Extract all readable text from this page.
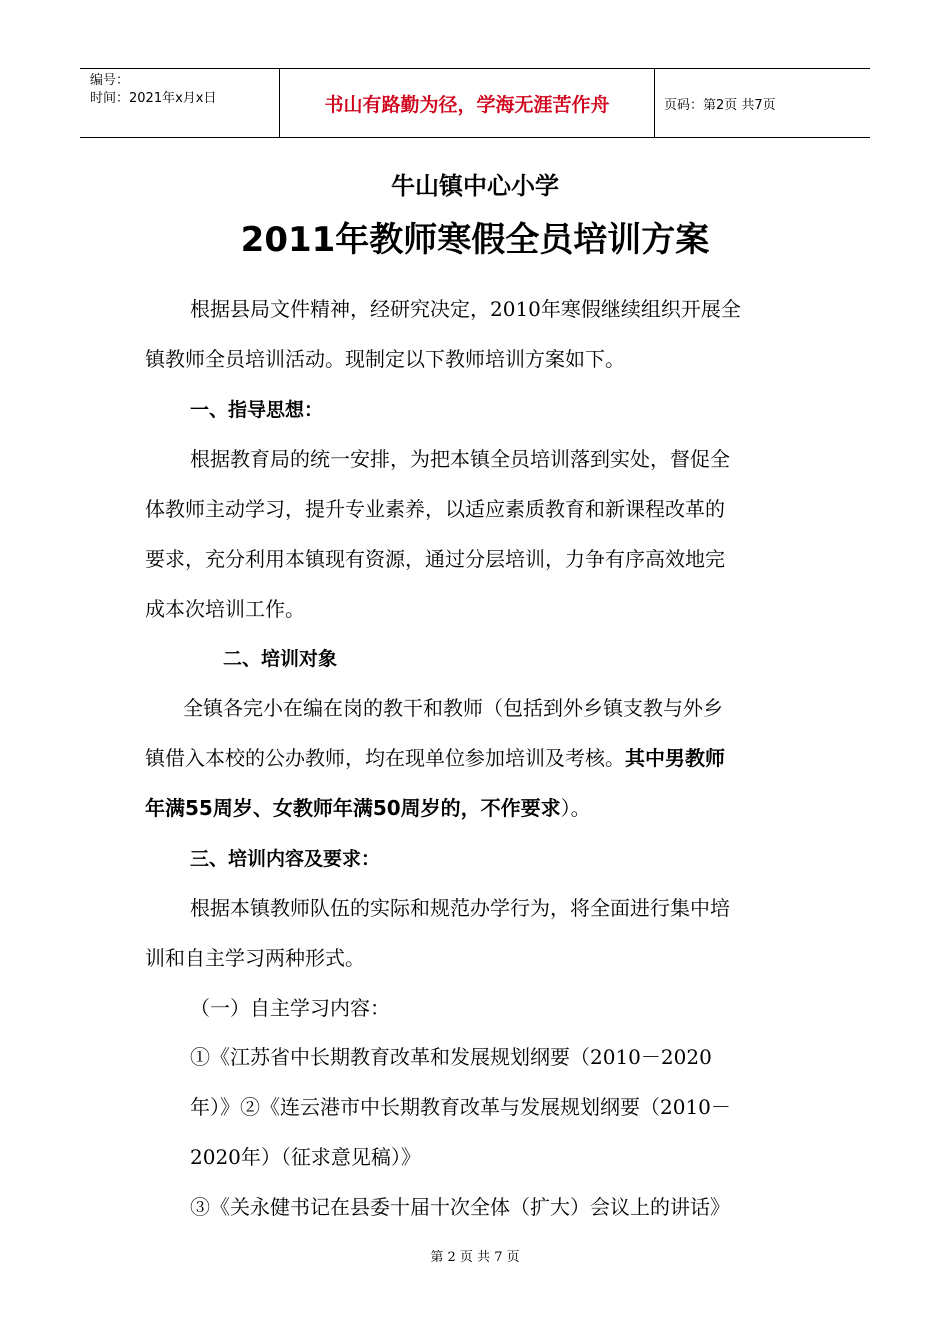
编号：
时间：2021年x月x日	书山有路勤为径，学海无涯苦作舟	页码：第2页 共7页
牛山镇中心小学
2011年教师寒假全员培训方案
根据县局文件精神，经研究决定，2010年寒假继续组织开展全
镇教师全员培训活动。现制定以下教师培训方案如下。
一、指导思想：
根据教育局的统一安排，为把本镇全员培训落到实处，督促全
体教师主动学习，提升专业素养，以适应素质教育和新课程改革的
要求，充分利用本镇现有资源，通过分层培训，力争有序高效地完
成本次培训工作。
二、培训对象
全镇各完小在编在岗的教干和教师（包括到外乡镇支教与外乡
镇借入本校的公办教师，均在现单位参加培训及考核。其中男教师
年满55周岁、女教师年满50周岁的，不作要求）。
三、培训内容及要求：
根据本镇教师队伍的实际和规范办学行为，将全面进行集中培
训和自主学习两种形式。
（一）自主学习内容：
①《江苏省中长期教育改革和发展规划纲要（2010－2020
年）》②《连云港市中长期教育改革与发展规划纲要（2010－
2020年）（征求意见稿）》
③《关永健书记在县委十届十次全体（扩大）会议上的讲话》
第 2 页 共 7 页
